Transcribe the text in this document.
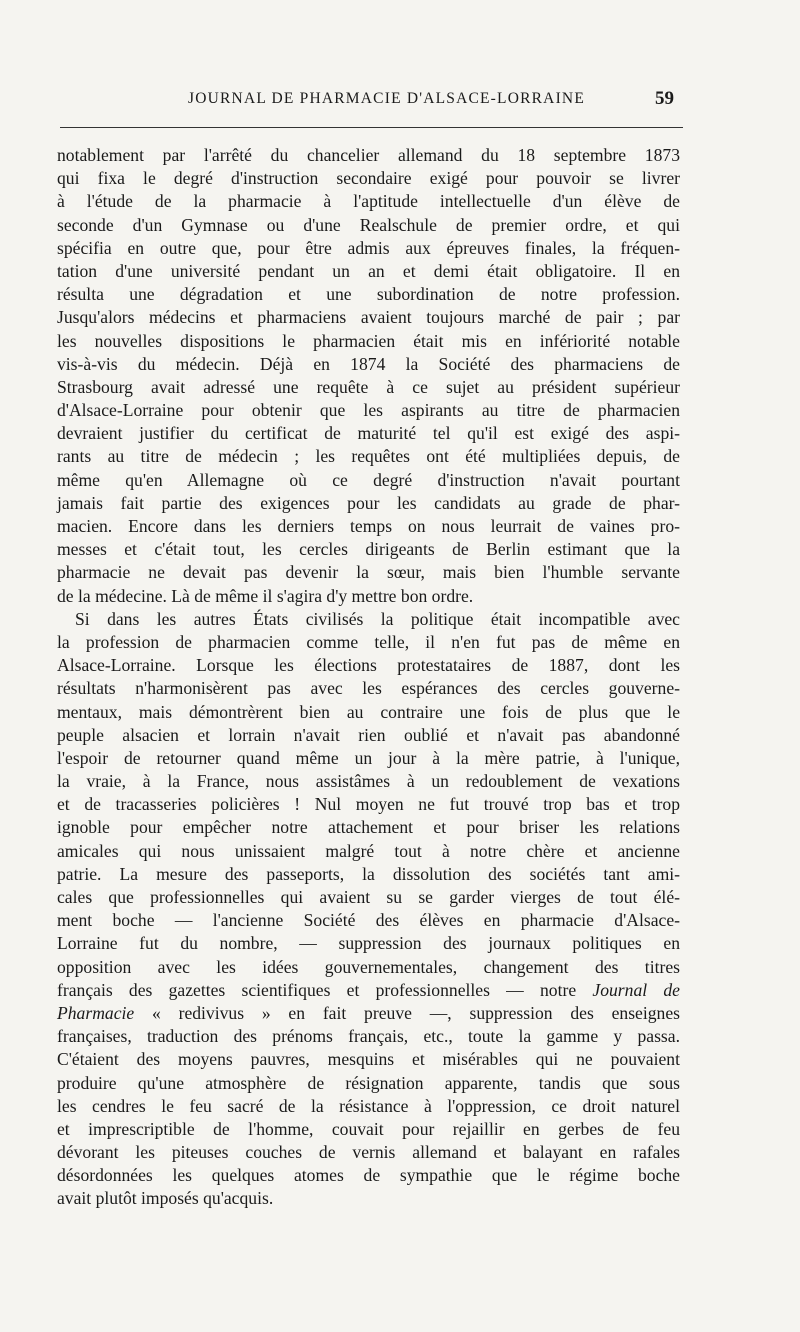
JOURNAL DE PHARMACIE D'ALSACE-LORRAINE	59
notablement par l'arrêté du chancelier allemand du 18 septembre 1873
qui fixa le degré d'instruction secondaire exigé pour pouvoir se livrer
à l'étude de la pharmacie à l'aptitude intellectuelle d'un élève de
seconde d'un Gymnase ou d'une Realschule de premier ordre, et qui
spécifia en outre que, pour être admis aux épreuves finales, la fréquen-
tation d'une université pendant un an et demi était obligatoire. Il en
résulta une dégradation et une subordination de notre profession.
Jusqu'alors médecins et pharmaciens avaient toujours marché de pair ; par
les nouvelles dispositions le pharmacien était mis en infériorité notable
vis-à-vis du médecin. Déjà en 1874 la Société des pharmaciens de
Strasbourg avait adressé une requête à ce sujet au président supérieur
d'Alsace-Lorraine pour obtenir que les aspirants au titre de pharmacien
devraient justifier du certificat de maturité tel qu'il est exigé des aspi-
rants au titre de médecin ; les requêtes ont été multipliées depuis, de
même qu'en Allemagne où ce degré d'instruction n'avait pourtant
jamais fait partie des exigences pour les candidats au grade de phar-
macien. Encore dans les derniers temps on nous leurrait de vaines pro-
messes et c'était tout, les cercles dirigeants de Berlin estimant que la
pharmacie ne devait pas devenir la sœur, mais bien l'humble servante
de la médecine. Là de même il s'agira d'y mettre bon ordre.
Si dans les autres États civilisés la politique était incompatible avec
la profession de pharmacien comme telle, il n'en fut pas de même en
Alsace-Lorraine. Lorsque les élections protestataires de 1887, dont les
résultats n'harmonisèrent pas avec les espérances des cercles gouverne-
mentaux, mais démontrèrent bien au contraire une fois de plus que le
peuple alsacien et lorrain n'avait rien oublié et n'avait pas abandonné
l'espoir de retourner quand même un jour à la mère patrie, à l'unique,
la vraie, à la France, nous assistâmes à un redoublement de vexations
et de tracasseries policières ! Nul moyen ne fut trouvé trop bas et trop
ignoble pour empêcher notre attachement et pour briser les relations
amicales qui nous unissaient malgré tout à notre chère et ancienne
patrie. La mesure des passeports, la dissolution des sociétés tant ami-
cales que professionnelles qui avaient su se garder vierges de tout élé-
ment boche — l'ancienne Société des élèves en pharmacie d'Alsace-
Lorraine fut du nombre, — suppression des journaux politiques en
opposition avec les idées gouvernementales, changement des titres
français des gazettes scientifiques et professionnelles — notre Journal de
Pharmacie « redivivus » en fait preuve —, suppression des enseignes
françaises, traduction des prénoms français, etc., toute la gamme y passa.
C'étaient des moyens pauvres, mesquins et misérables qui ne pouvaient
produire qu'une atmosphère de résignation apparente, tandis que sous
les cendres le feu sacré de la résistance à l'oppression, ce droit naturel
et imprescriptible de l'homme, couvait pour rejaillir en gerbes de feu
dévorant les piteuses couches de vernis allemand et balayant en rafales
désordonnées les quelques atomes de sympathie que le régime boche
avait plutôt imposés qu'acquis.
